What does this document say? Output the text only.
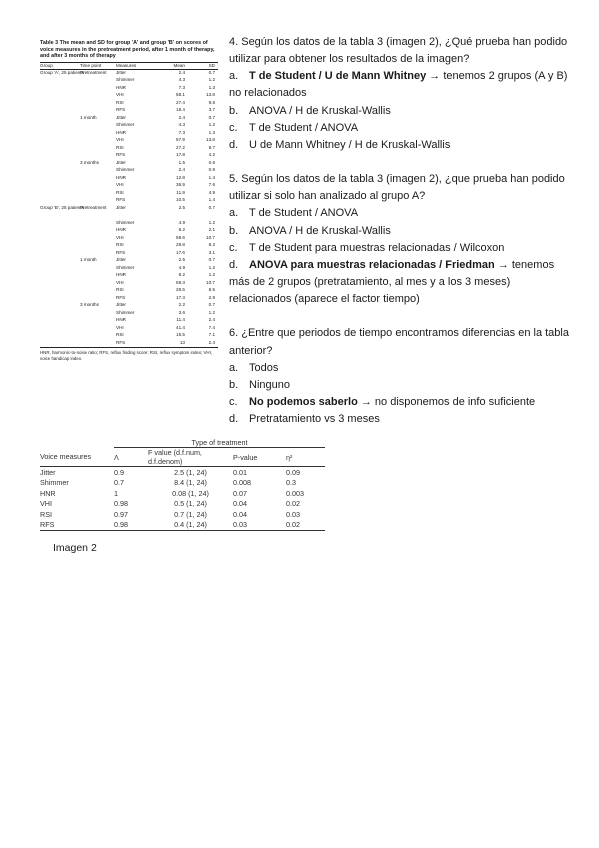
Table 3 The mean and SD for group 'A' and group 'B' on scores of voice measures in the pretreatment period, after 1 month of therapy, and after 3 months of therapy
Group	Time point	Measures	Mean	SD
Group 'A', 25 patients	Pretreatment	Jitter	2.4	0.7
		Shimmer	4.3	1.2
		HNR	7.3	1.3
		VHI	58.1	13.8
		RSI	27.4	9.6
		RFS	18.4	3.7
	1 month	Jitter	2.4	0.7
		Shimmer	4.3	1.2
		HNR	7.3	1.3
		VHI	57.9	13.8
		RSI	27.2	9.7
		RFS	17.8	4.2
	3 months	Jitter	1.5	0.6
		Shimmer	2.4	0.9
		HNR	12.8	1.4
		VHI	36.9	7.6
		RSI	11.9	4.9
		RFS	10.5	1.4
Group 'B', 25 patients	Pretreatment	Jitter	2.5	0.7

		Shimmer	4.9	1.2
		HNR	8.2	2.1
		VHI	59.6	10.7
		RSI	28.8	8.2
		RFS	17.6	3.1
	1 month	Jitter	2.5	0.7
		Shimmer	4.9	1.2
		HNR	8.2	1.2
		VHI	59.3	10.7
		RSI	28.5	8.5
		RFS	17.3	2.9
	3 months	Jitter	2.2	0.7
		Shimmer	3.6	1.2
		HNR	11.4	2.4
		VHI	41.4	7.4
		RSI	15.5	7.1
		RFS	13	2.4
HNR, harmonic-to-noise ratio; RFS, reflux finding score; RSI, reflux symptom index; VHI, voice handicap index.

4. Según los datos de la tabla 3 (imagen 2), ¿Qué prueba han podido utilizar para obtener los resultados de la imagen?

a. T de Student / U de Mann Whitney → tenemos 2 grupos (A y B) no relacionados

b. ANOVA / H de Kruskal-Wallis

c. T de Student / ANOVA

d. U de Mann Whitney / H de Kruskal-Wallis

5. Según los datos de la tabla 3 (imagen 2), ¿que prueba han podido utilizar si solo han analizado al grupo A?

a. T de Student / ANOVA

b. ANOVA / H de Kruskal-Wallis

c. T de Student para muestras relacionadas / Wilcoxon

d. ANOVA para muestras relacionadas / Friedman → tenemos más de 2 grupos (pretratamiento, al mes y a los 3 meses) relacionados (aparece el factor tiempo)

6. ¿Entre que periodos de tiempo encontramos diferencias en la tabla anterior?

a. Todos

b. Ninguno

c. No podemos saberlo → no disponemos de info suficiente

d. Pretratamiento vs 3 meses

	Type of treatment			
Voice measures	Λ	F value (d.f.num, d.f.denom)	P-value	η²
Jitter	0.9	2.5 (1, 24)	0.01	0.09
Shimmer	0.7	8.4 (1, 24)	0.008	0.3
HNR	1	0.08 (1, 24)	0.07	0.003
VHI	0.98	0.5 (1, 24)	0.04	0.02
RSI	0.97	0.7 (1, 24)	0.04	0.03
RFS	0.98	0.4 (1, 24)	0.03	0.02
Imagen 2
